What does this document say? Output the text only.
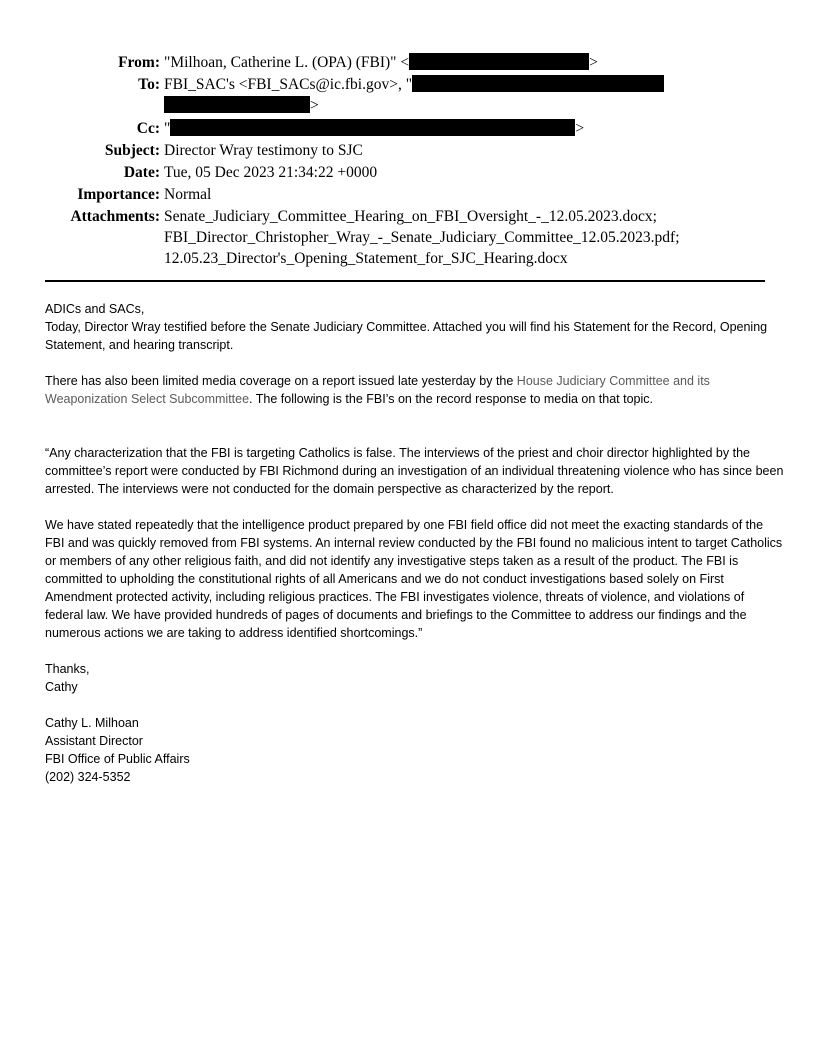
From: "Milhoan, Catherine L. (OPA) (FBI)" <	>
To: FBI_SAC's <FBI_SACs@ic.fbi.gov>, "
>
Cc: "	>
Subject: Director Wray testimony to SJC
Date: Tue, 05 Dec 2023 21:34:22 +0000
Importance: Normal
Attachments: Senate_Judiciary_Committee_Hearing_on_FBI_Oversight_-_12.05.2023.docx;
FBI_Director_Christopher_Wray_-_Senate_Judiciary_Committee_12.05.2023.pdf;
12.05.23_Director's_Opening_Statement_for_SJC_Hearing.docx

ADICs and SACs,

Today, Director Wray testified before the Senate Judiciary Committee. Attached you will find his Statement for the Record, Opening Statement, and hearing transcript.

There has also been limited media coverage on a report issued late yesterday by the House Judiciary Committee and its Weaponization Select Subcommittee. The following is the FBI’s on the record response to media on that topic.

“Any characterization that the FBI is targeting Catholics is false. The interviews of the priest and choir director highlighted by the committee’s report were conducted by FBI Richmond during an investigation of an individual threatening violence who has since been arrested. The interviews were not conducted for the domain perspective as characterized by the report.

We have stated repeatedly that the intelligence product prepared by one FBI field office did not meet the exacting standards of the FBI and was quickly removed from FBI systems. An internal review conducted by the FBI found no malicious intent to target Catholics or members of any other religious faith, and did not identify any investigative steps taken as a result of the product. The FBI is committed to upholding the constitutional rights of all Americans and we do not conduct investigations based solely on First Amendment protected activity, including religious practices. The FBI investigates violence, threats of violence, and violations of federal law. We have provided hundreds of pages of documents and briefings to the Committee to address our findings and the numerous actions we are taking to address identified shortcomings.”

Thanks,

Cathy

Cathy L. Milhoan

Assistant Director

FBI Office of Public Affairs

(202) 324-5352
